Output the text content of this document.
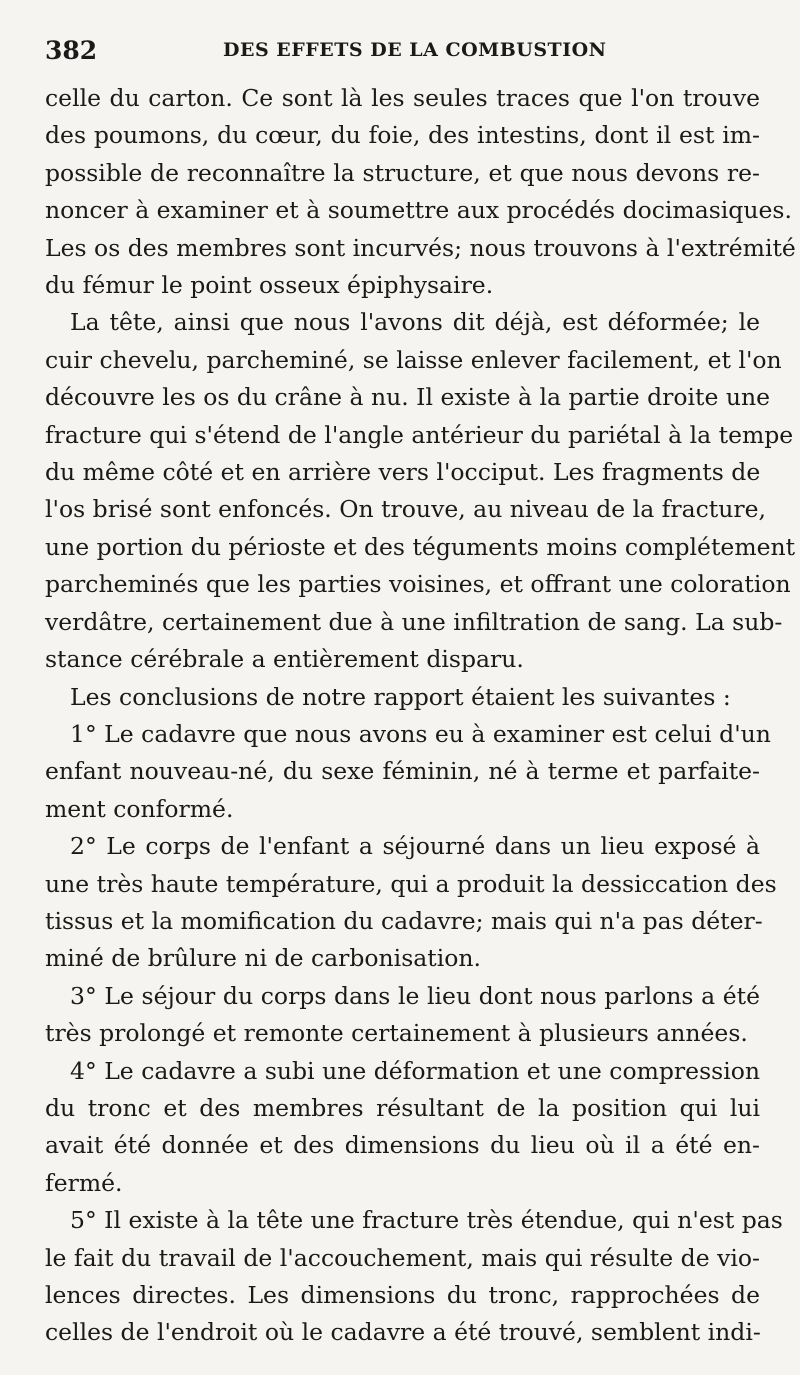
382	DES EFFETS DE LA COMBUSTION

celle du carton. Ce sont là les seules traces que l'on trouve
des poumons, du cœur, du foie, des intestins, dont il est im-
possible de reconnaître la structure, et que nous devons re-
noncer à examiner et à soumettre aux procédés docimasiques.
Les os des membres sont incurvés; nous trouvons à l'extrémité
du fémur le point osseux épiphysaire.

La tête, ainsi que nous l'avons dit déjà, est déformée; le
cuir chevelu, parcheminé, se laisse enlever facilement, et l'on
découvre les os du crâne à nu. Il existe à la partie droite une
fracture qui s'étend de l'angle antérieur du pariétal à la tempe
du même côté et en arrière vers l'occiput. Les fragments de
l'os brisé sont enfoncés. On trouve, au niveau de la fracture,
une portion du périoste et des téguments moins complétement
parcheminés que les parties voisines, et offrant une coloration
verdâtre, certainement due à une infiltration de sang. La sub-
stance cérébrale a entièrement disparu.

Les conclusions de notre rapport étaient les suivantes :

1° Le cadavre que nous avons eu à examiner est celui d'un
enfant nouveau-né, du sexe féminin, né à terme et parfaite-
ment conformé.

2° Le corps de l'enfant a séjourné dans un lieu exposé à
une très haute température, qui a produit la dessiccation des
tissus et la momification du cadavre; mais qui n'a pas déter-
miné de brûlure ni de carbonisation.

3° Le séjour du corps dans le lieu dont nous parlons a été
très prolongé et remonte certainement à plusieurs années.

4° Le cadavre a subi une déformation et une compression
du tronc et des membres résultant de la position qui lui
avait été donnée et des dimensions du lieu où il a été en-
fermé.

5° Il existe à la tête une fracture très étendue, qui n'est pas
le fait du travail de l'accouchement, mais qui résulte de vio-
lences directes. Les dimensions du tronc, rapprochées de
celles de l'endroit où le cadavre a été trouvé, semblent indi-
